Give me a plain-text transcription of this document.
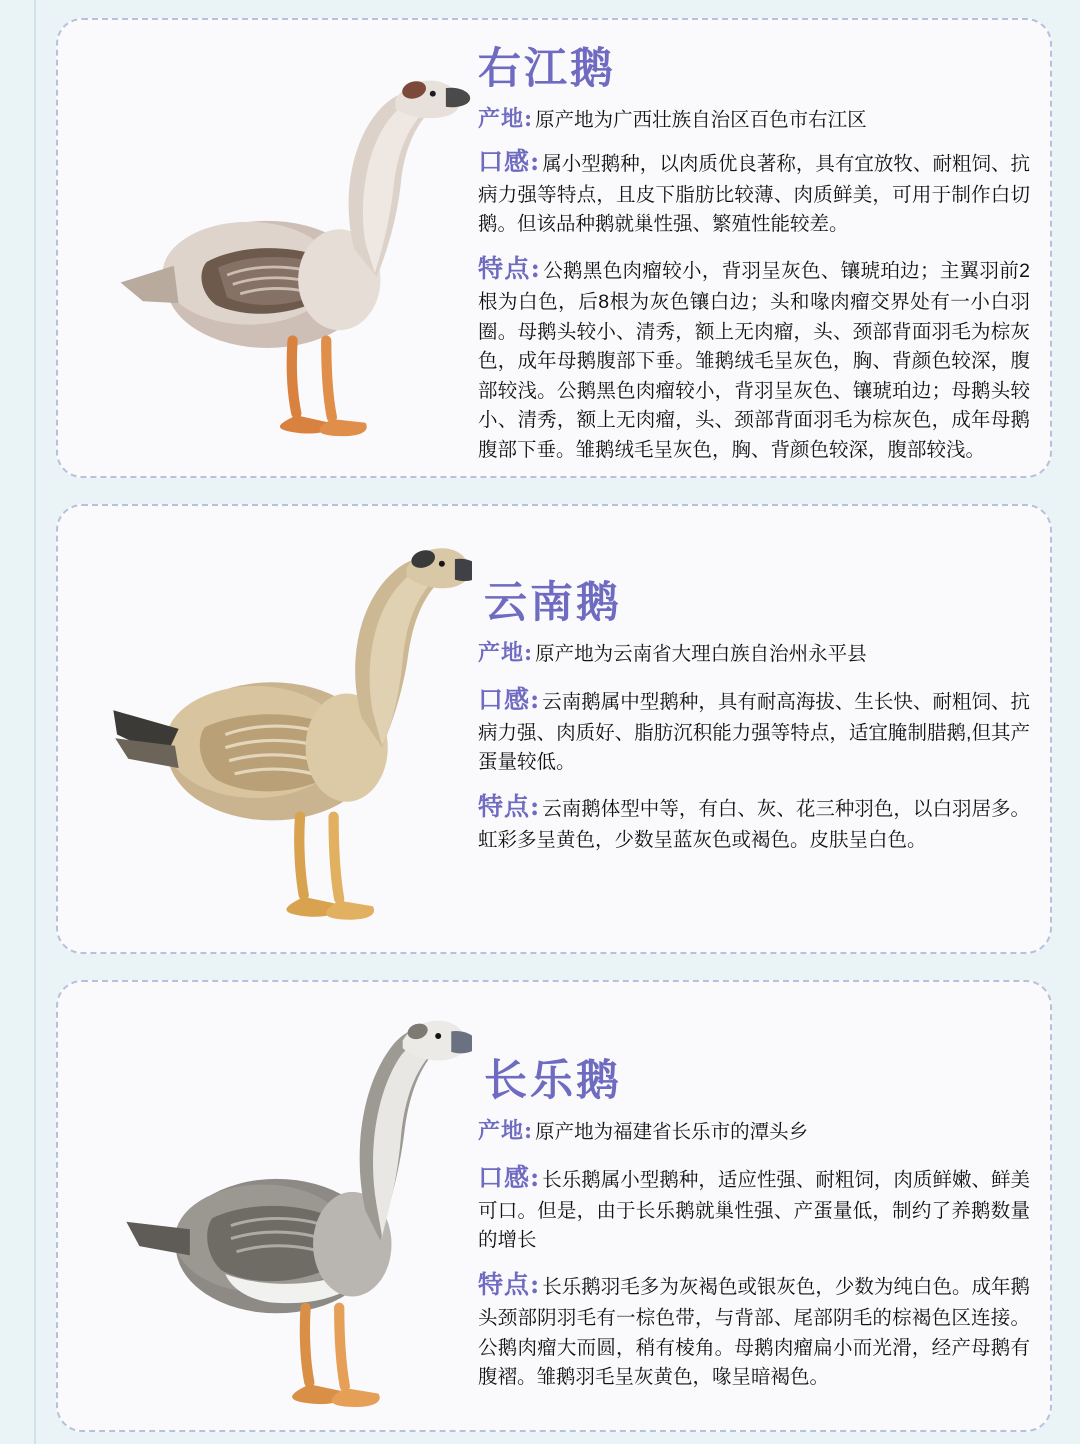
右江鹅

产地: 原产地为广西壮族自治区百色市右江区

口感: 属小型鹅种，以肉质优良著称，具有宜放牧、耐粗饲、抗病力强等特点，且皮下脂肪比较薄、肉质鲜美，可用于制作白切鹅。但该品种鹅就巢性强、繁殖性能较差。

特点: 公鹅黑色肉瘤较小，背羽呈灰色、镶琥珀边；主翼羽前2根为白色，后8根为灰色镶白边；头和喙肉瘤交界处有一小白羽圈。母鹅头较小、清秀，额上无肉瘤，头、颈部背面羽毛为棕灰色，成年母鹅腹部下垂。雏鹅绒毛呈灰色，胸、背颜色较深，腹部较浅。公鹅黑色肉瘤较小，背羽呈灰色、镶琥珀边；母鹅头较小、清秀，额上无肉瘤，头、颈部背面羽毛为棕灰色，成年母鹅腹部下垂。雏鹅绒毛呈灰色，胸、背颜色较深，腹部较浅。

云南鹅

产地: 原产地为云南省大理白族自治州永平县

口感: 云南鹅属中型鹅种，具有耐高海拔、生长快、耐粗饲、抗病力强、肉质好、脂肪沉积能力强等特点，适宜腌制腊鹅,但其产蛋量较低。

特点: 云南鹅体型中等，有白、灰、花三种羽色，以白羽居多。虹彩多呈黄色，少数呈蓝灰色或褐色。皮肤呈白色。

长乐鹅

产地: 原产地为福建省长乐市的潭头乡

口感: 长乐鹅属小型鹅种，适应性强、耐粗饲，肉质鲜嫩、鲜美可口。但是，由于长乐鹅就巢性强、产蛋量低，制约了养鹅数量的增长

特点: 长乐鹅羽毛多为灰褐色或银灰色，少数为纯白色。成年鹅头颈部阴羽毛有一棕色带，与背部、尾部阴毛的棕褐色区连接。公鹅肉瘤大而圆，稍有棱角。母鹅肉瘤扁小而光滑，经产母鹅有腹褶。雏鹅羽毛呈灰黄色，喙呈暗褐色。
